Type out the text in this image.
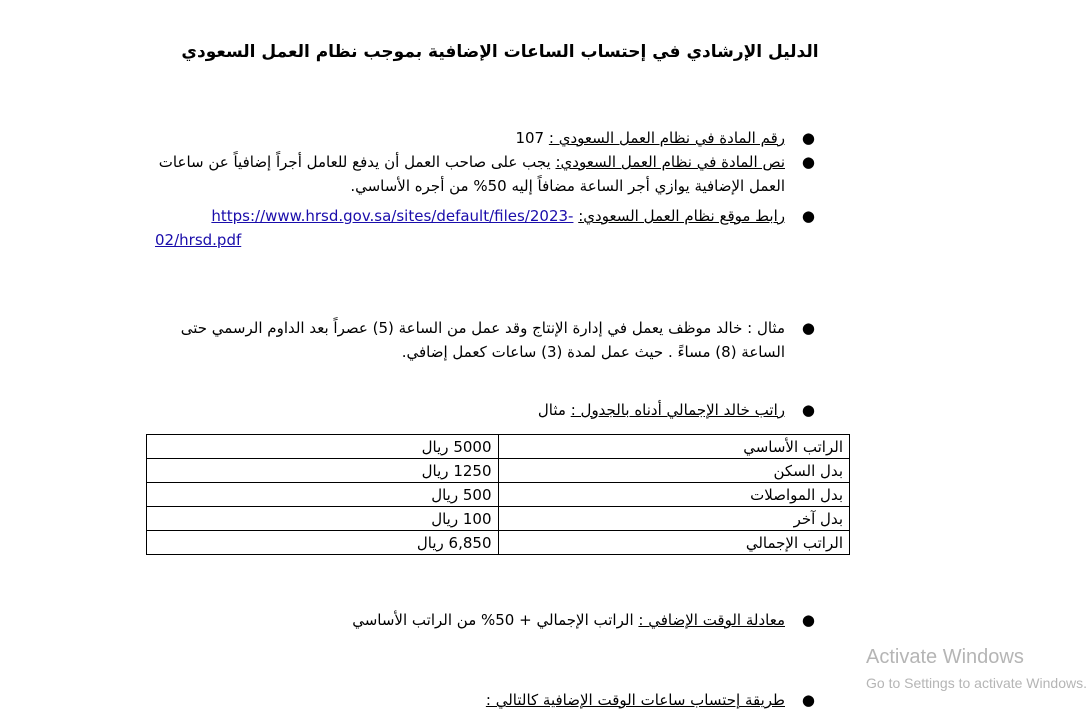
الدليل الإرشادي في إحتساب الساعات الإضافية بموجب نظام العمل السعودي
●
رقم المادة في نظام العمل السعودي : 107
●
نص المادة في نظام العمل السعودي: يجب على صاحب العمل أن يدفع للعامل أجراً إضافياً عن ساعات العمل الإضافية يوازي أجر الساعة مضافاً إليه 50% من أجره الأساسي.
●
رابط موقع نظام العمل السعودي: https://www.hrsd.gov.sa/sites/default/files/2023-
02/hrsd.pdf
●
مثال : خالد موظف يعمل في إدارة الإنتاج وقد عمل من الساعة (5) عصراً بعد الداوم الرسمي حتى الساعة (8) مساءً . حيث عمل لمدة (3) ساعات كعمل إضافي.
●
راتب خالد الإجمالي أدناه بالجدول : مثال
الراتب الأساسي	5000 ريال
بدل السكن	1250 ريال
بدل المواصلات	500 ريال
بدل آخر	100 ريال
الراتب الإجمالي	6,850 ريال
●
معادلة الوقت الإضافي : الراتب الإجمالي + 50% من الراتب الأساسي
●
طريقة إحتساب ساعات الوقت الإضافية كالتالي :
Activate Windows
Go to Settings to activate Windows.
